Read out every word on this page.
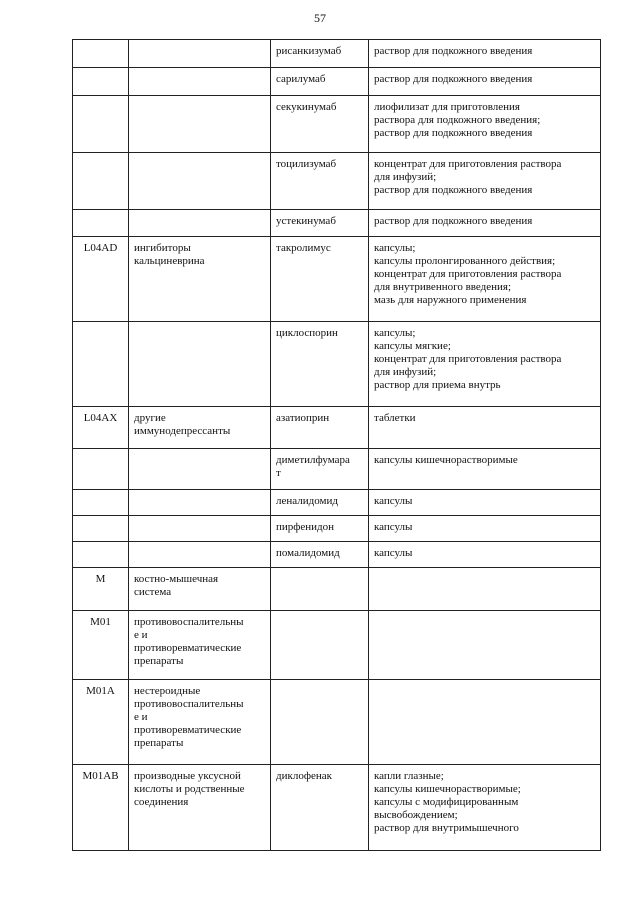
57
		рисанкизумаб	раствор для подкожного введения
		сарилумаб	раствор для подкожного введения
		секукинумаб	лиофилизат для приготовления
раствора для подкожного введения;
раствор для подкожного введения
		тоцилизумаб	концентрат для приготовления раствора
для инфузий;
раствор для подкожного введения
		устекинумаб	раствор для подкожного введения
L04AD	ингибиторы
кальциневрина	такролимус	капсулы;
капсулы пролонгированного действия;
концентрат для приготовления раствора
для внутривенного введения;
мазь для наружного применения
		циклоспорин	капсулы;
капсулы мягкие;
концентрат для приготовления раствора
для инфузий;
раствор для приема внутрь
L04AX	другие
иммунодепрессанты	азатиоприн	таблетки
		диметилфумара
т	капсулы кишечнорастворимые
		леналидомид	капсулы
		пирфенидон	капсулы
		помалидомид	капсулы
M	костно-мышечная
система		
M01	противовоспалительны
е и
противоревматические
препараты		
M01A	нестероидные
противовоспалительны
е и
противоревматические
препараты		
M01AB	производные уксусной
кислоты и родственные
соединения	диклофенак	капли глазные;
капсулы кишечнорастворимые;
капсулы с модифицированным
высвобождением;
раствор для внутримышечного
